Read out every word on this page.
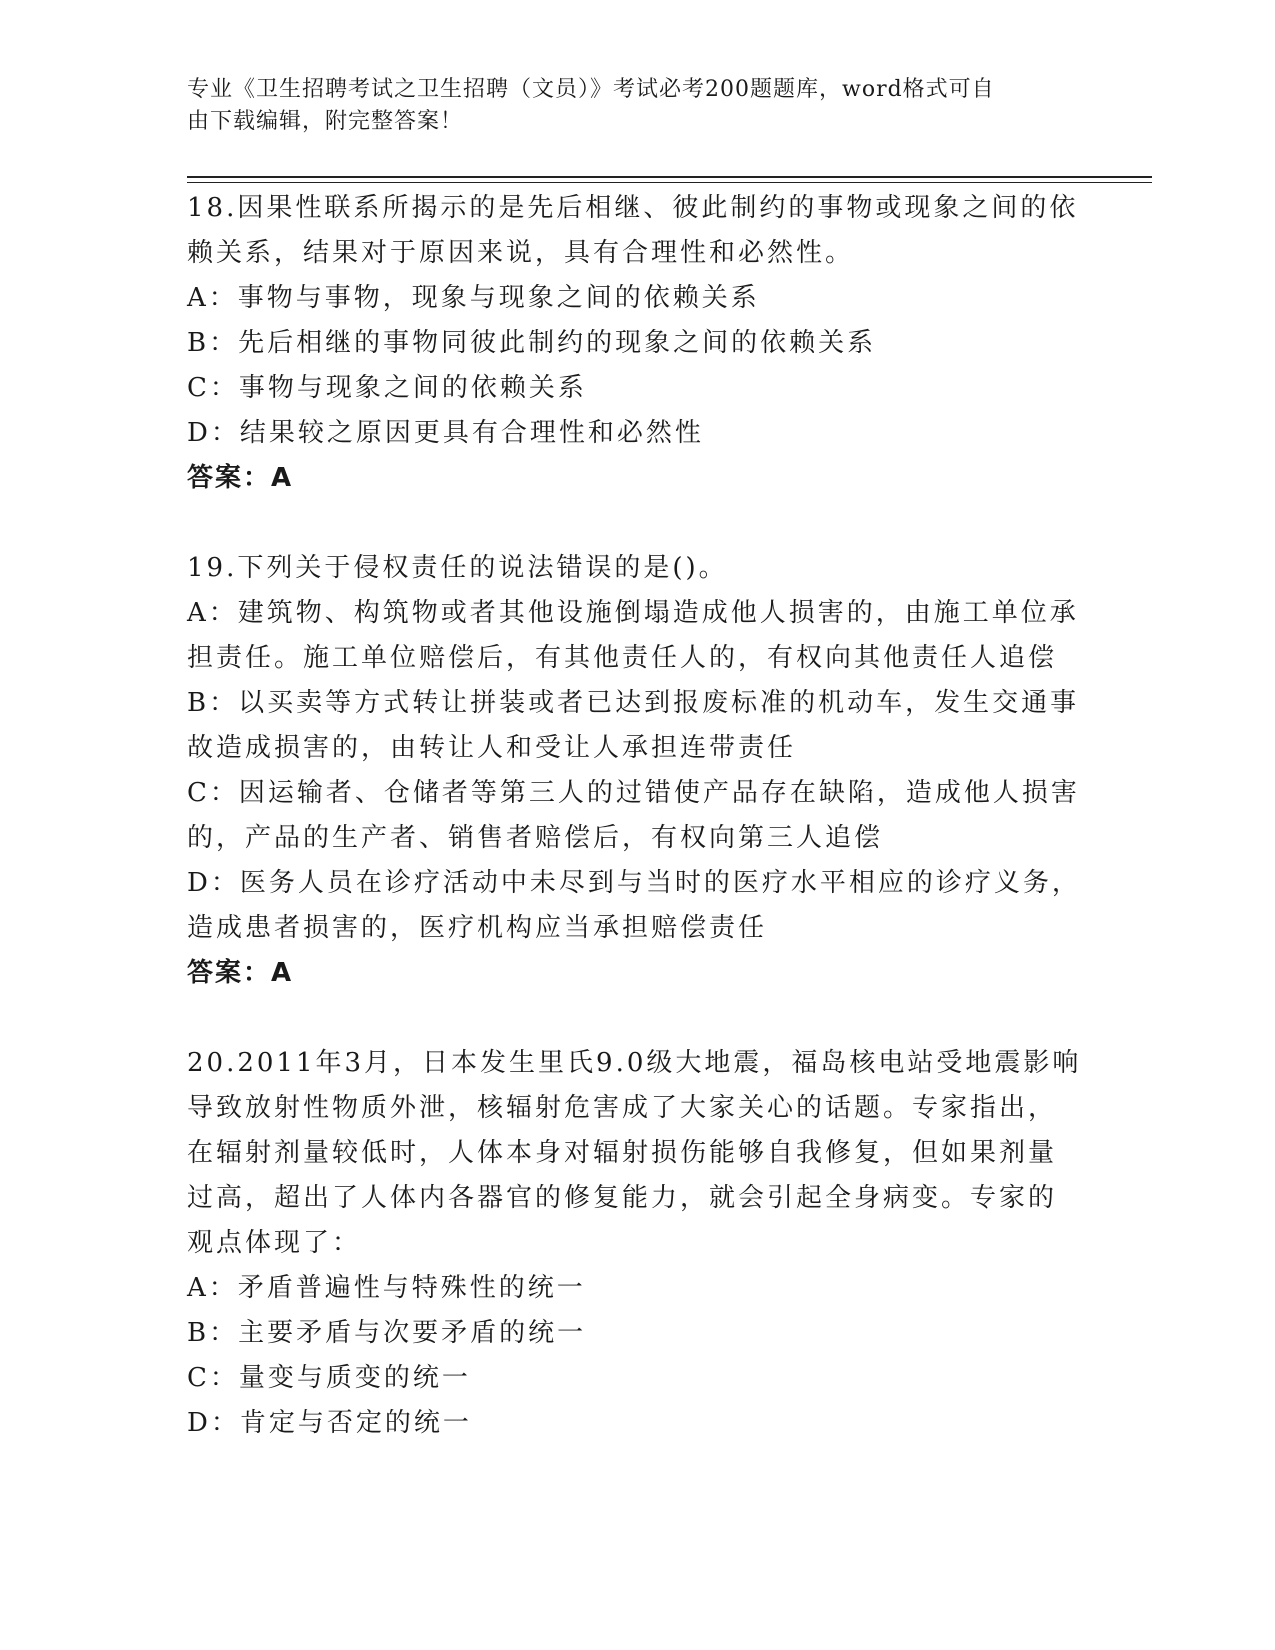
专业《卫生招聘考试之卫生招聘（文员）》考试必考200题题库，word格式可自
由下载编辑，附完整答案！
18.因果性联系所揭示的是先后相继、彼此制约的事物或现象之间的依
赖关系，结果对于原因来说，具有合理性和必然性。
A：事物与事物，现象与现象之间的依赖关系
B：先后相继的事物同彼此制约的现象之间的依赖关系
C：事物与现象之间的依赖关系
D：结果较之原因更具有合理性和必然性
答案：A
19.下列关于侵权责任的说法错误的是()。
A：建筑物、构筑物或者其他设施倒塌造成他人损害的，由施工单位承
担责任。施工单位赔偿后，有其他责任人的，有权向其他责任人追偿
B：以买卖等方式转让拼装或者已达到报废标准的机动车，发生交通事
故造成损害的，由转让人和受让人承担连带责任
C：因运输者、仓储者等第三人的过错使产品存在缺陷，造成他人损害
的，产品的生产者、销售者赔偿后，有权向第三人追偿
D：医务人员在诊疗活动中未尽到与当时的医疗水平相应的诊疗义务，
造成患者损害的，医疗机构应当承担赔偿责任
答案：A
20.2011年3月，日本发生里氏9.0级大地震，福岛核电站受地震影响
导致放射性物质外泄，核辐射危害成了大家关心的话题。专家指出，
在辐射剂量较低时，人体本身对辐射损伤能够自我修复，但如果剂量
过高，超出了人体内各器官的修复能力，就会引起全身病变。专家的
观点体现了：
A：矛盾普遍性与特殊性的统一
B：主要矛盾与次要矛盾的统一
C：量变与质变的统一
D：肯定与否定的统一
